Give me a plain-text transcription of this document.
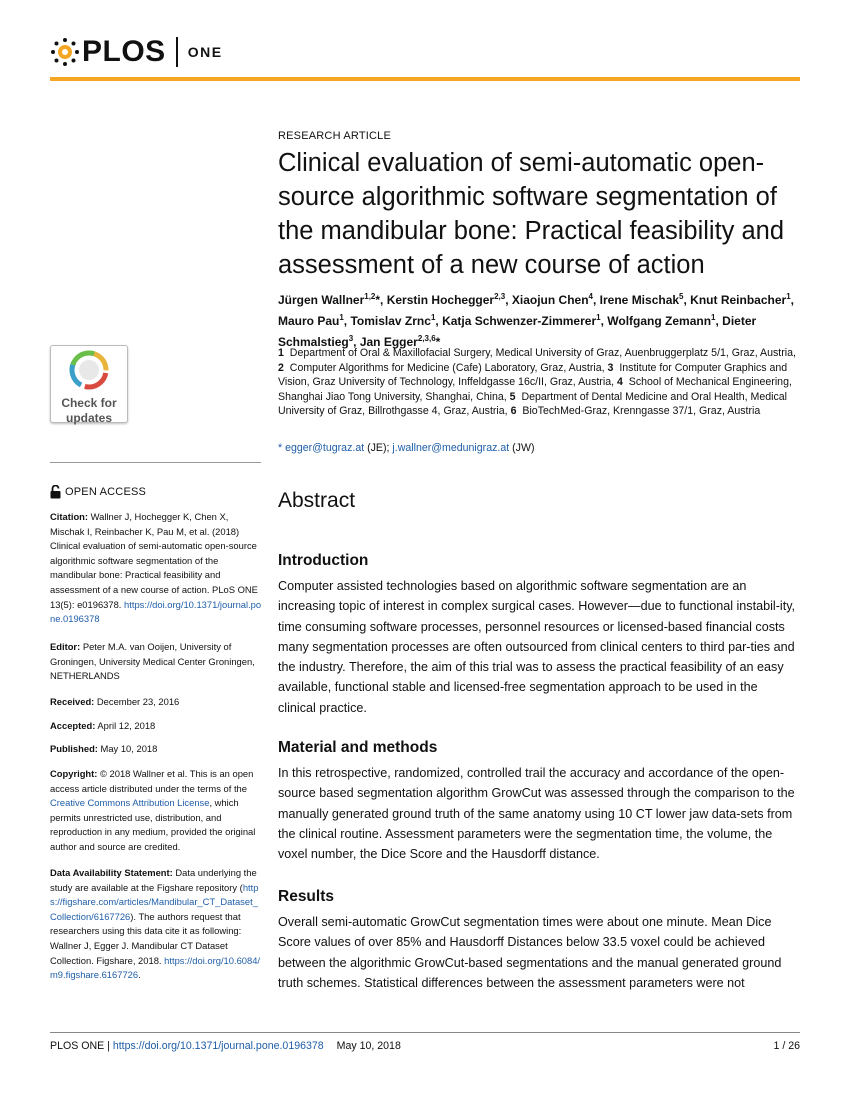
PLOS ONE
Check for
updates
OPEN ACCESS
Citation: Wallner J, Hochegger K, Chen X, Mischak I, Reinbacher K, Pau M, et al. (2018) Clinical evaluation of semi-automatic open-source algorithmic software segmentation of the mandibular bone: Practical feasibility and assessment of a new course of action. PLoS ONE 13(5): e0196378. https://doi.org/10.1371/journal.pone.0196378
Editor: Peter M.A. van Ooijen, University of Groningen, University Medical Center Groningen, NETHERLANDS
Received: December 23, 2016
Accepted: April 12, 2018
Published: May 10, 2018
Copyright: © 2018 Wallner et al. This is an open access article distributed under the terms of the Creative Commons Attribution License, which permits unrestricted use, distribution, and reproduction in any medium, provided the original author and source are credited.
Data Availability Statement: Data underlying the study are available at the Figshare repository (https://figshare.com/articles/Mandibular_CT_Dataset_Collection/6167726). The authors request that researchers using this data cite it as following: Wallner J, Egger J. Mandibular CT Dataset Collection. Figshare, 2018. https://doi.org/10.6084/m9.figshare.6167726.
RESEARCH ARTICLE
Clinical evaluation of semi-automatic open-source algorithmic software segmentation of the mandibular bone: Practical feasibility and assessment of a new course of action
Jürgen Wallner$^{1,2}$*, Kerstin Hochegger$^{2,3}$, Xiaojun Chen$^4$, Irene Mischak$^5$, Knut Reinbacher$^1$, Mauro Pau$^1$, Tomislav Zrnc$^1$, Katja Schwenzer-Zimmerer$^1$, Wolfgang Zemann$^1$, Dieter Schmalstieg$^3$, Jan Egger$^{2,3,6}$*
1 Department of Oral & Maxillofacial Surgery, Medical University of Graz, Auenbruggerplatz 5/1, Graz, Austria, 2 Computer Algorithms for Medicine (Cafe) Laboratory, Graz, Austria, 3 Institute for Computer Graphics and Vision, Graz University of Technology, Inffeldgasse 16c/II, Graz, Austria, 4 School of Mechanical Engineering, Shanghai Jiao Tong University, Shanghai, China, 5 Department of Dental Medicine and Oral Health, Medical University of Graz, Billrothgasse 4, Graz, Austria, 6 BioTechMed-Graz, Krenngasse 37/1, Graz, Austria
* egger@tugraz.at (JE); j.wallner@medunigraz.at (JW)
Abstract
Introduction
Computer assisted technologies based on algorithmic software segmentation are an increasing topic of interest in complex surgical cases. However—due to functional instabil-ity, time consuming software processes, personnel resources or licensed-based financial costs many segmentation processes are often outsourced from clinical centers to third par-ties and the industry. Therefore, the aim of this trial was to assess the practical feasibility of an easy available, functional stable and licensed-free segmentation approach to be used in the clinical practice.
Material and methods
In this retrospective, randomized, controlled trail the accuracy and accordance of the open-source based segmentation algorithm GrowCut was assessed through the comparison to the manually generated ground truth of the same anatomy using 10 CT lower jaw data-sets from the clinical routine. Assessment parameters were the segmentation time, the volume, the voxel number, the Dice Score and the Hausdorff distance.
Results
Overall semi-automatic GrowCut segmentation times were about one minute. Mean Dice Score values of over 85% and Hausdorff Distances below 33.5 voxel could be achieved between the algorithmic GrowCut-based segmentations and the manual generated ground truth schemes. Statistical differences between the assessment parameters were not
PLOS ONE | https://doi.org/10.1371/journal.pone.0196378 May 10, 2018	1 / 26
